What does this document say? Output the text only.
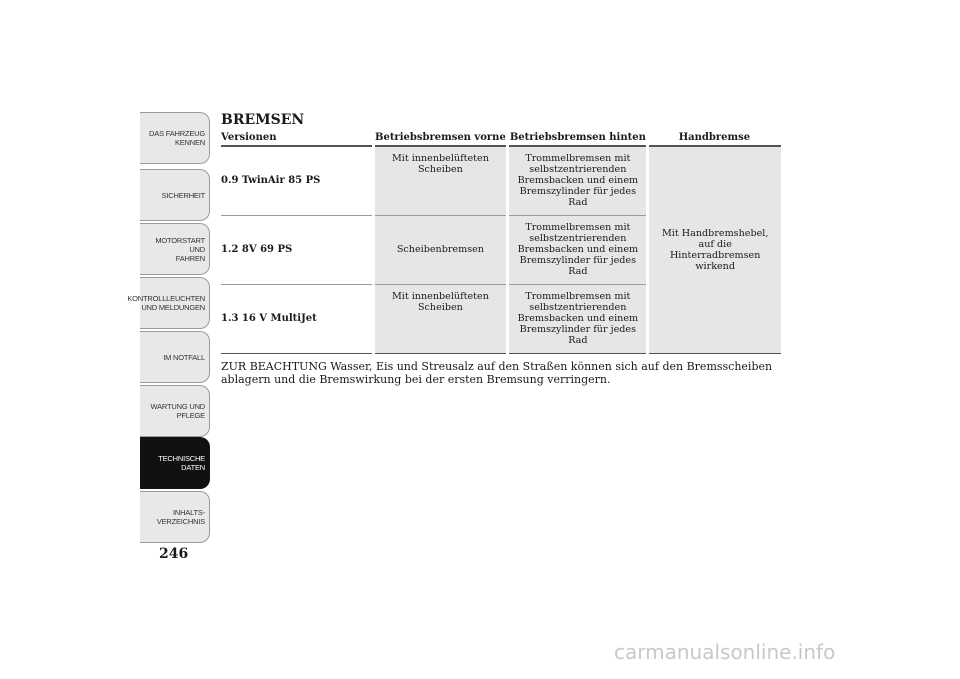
DAS FAHRZEUG
KENNEN
SICHERHEIT
MOTORSTART UND
FAHREN
KONTROLLLEUCHTEN
UND MELDUNGEN
IM NOTFALL
WARTUNG UND
PFLEGE
TECHNISCHE
DATEN
INHALTS-
VERZEICHNIS
246
BREMSEN
Versionen	Betriebsbremsen vorne	Betriebsbremsen hinten	Handbremse
0.9 TwinAir 85 PS	Mit innenbelüfteten Scheiben	Trommelbremsen mit selbstzentrierenden Bremsbacken und einem Bremszylinder für jedes Rad	Mit Handbremshebel, auf die Hinterradbremsen wirkend
1.2 8V 69 PS	Scheibenbremsen	Trommelbremsen mit selbstzentrierenden Bremsbacken und einem Bremszylinder für jedes Rad	
1.3 16 V MultiJet	Mit innenbelüfteten Scheiben	Trommelbremsen mit selbstzentrierenden Bremsbacken und einem Bremszylinder für jedes Rad	
ZUR BEACHTUNG Wasser, Eis und Streusalz auf den Straßen können sich auf den Bremsscheiben ablagern und die Bremswirkung bei der ersten Bremsung verringern.
carmanualsonline.info
